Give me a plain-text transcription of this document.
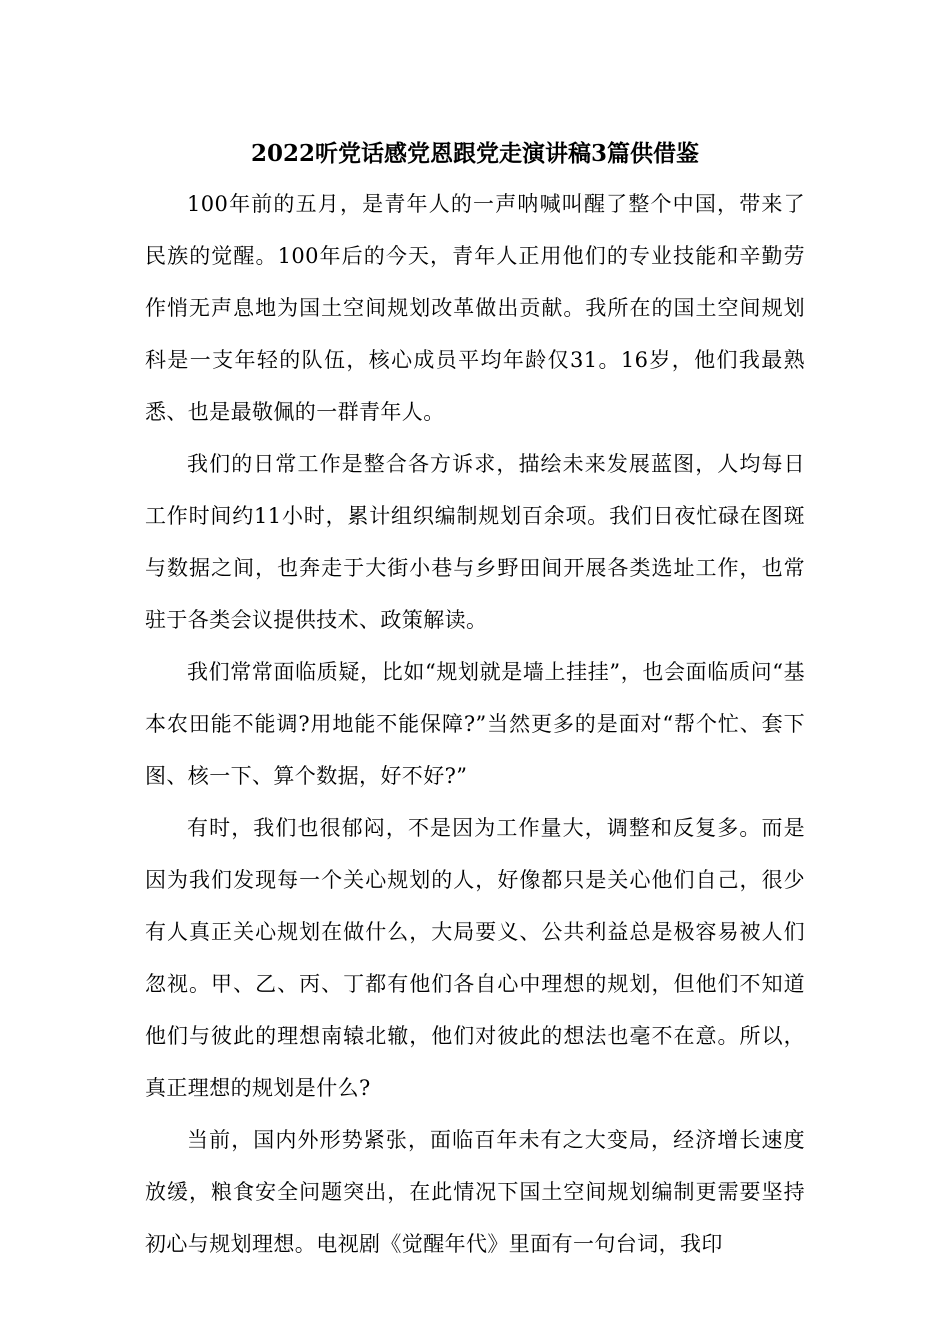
2022听党话感党恩跟党走演讲稿3篇供借鉴

100年前的五月，是青年人的一声呐喊叫醒了整个中国，带来了民族的觉醒。100年后的今天，青年人正用他们的专业技能和辛勤劳作悄无声息地为国土空间规划改革做出贡献。我所在的国土空间规划科是一支年轻的队伍，核心成员平均年龄仅31。16岁，他们我最熟悉、也是最敬佩的一群青年人。

我们的日常工作是整合各方诉求，描绘未来发展蓝图，人均每日工作时间约11小时，累计组织编制规划百余项。我们日夜忙碌在图斑与数据之间，也奔走于大街小巷与乡野田间开展各类选址工作，也常驻于各类会议提供技术、政策解读。

我们常常面临质疑，比如“规划就是墙上挂挂”，也会面临质问“基本农田能不能调?用地能不能保障?”当然更多的是面对“帮个忙、套下图、核一下、算个数据，好不好?”

有时，我们也很郁闷，不是因为工作量大，调整和反复多。而是因为我们发现每一个关心规划的人，好像都只是关心他们自己，很少有人真正关心规划在做什么，大局要义、公共利益总是极容易被人们忽视。甲、乙、丙、丁都有他们各自心中理想的规划，但他们不知道他们与彼此的理想南辕北辙，他们对彼此的想法也毫不在意。所以，真正理想的规划是什么?

当前，国内外形势紧张，面临百年未有之大变局，经济增长速度放缓，粮食安全问题突出，在此情况下国土空间规划编制更需要坚持初心与规划理想。电视剧《觉醒年代》里面有一句台词，我印
